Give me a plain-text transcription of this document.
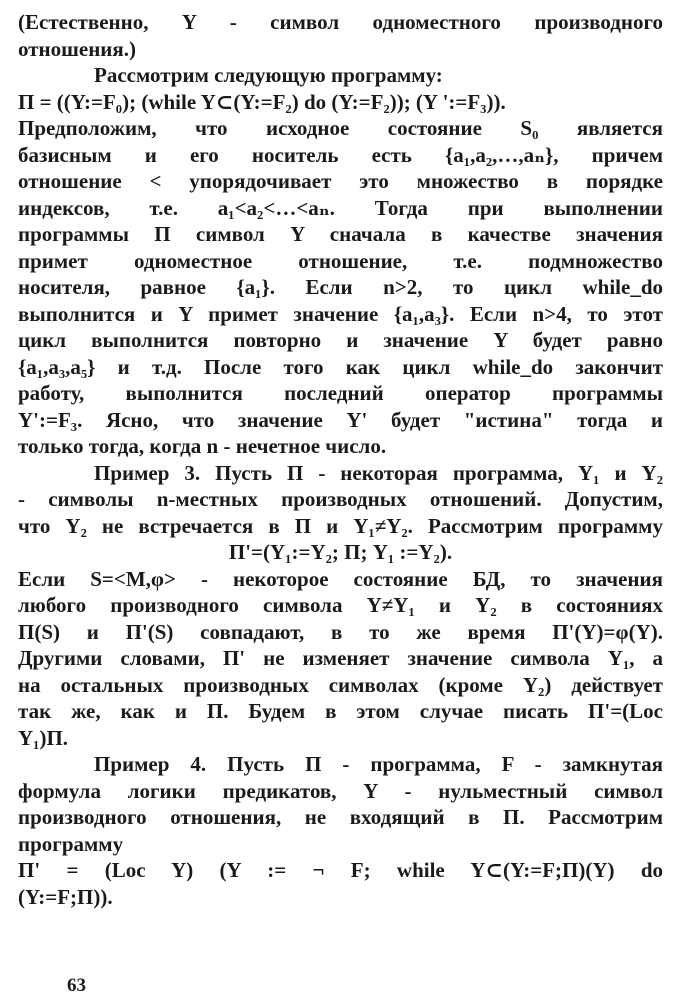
(Естественно, Y - символ одноместного производного
отношения.)
Рассмотрим следующую программу:
П = ((Y:=F₀); (while Y⊂(Y:=F₂) do (Y:=F₂)); (Y ':=F₃)).
Предположим, что исходное состояние S₀ является
базисным и его носитель есть {a₁,a₂,…,aₙ}, причем
отношение < упорядочивает это множество в порядке
индексов, т.е. a₁<a₂<…<aₙ. Тогда при выполнении
программы П символ Y сначала в качестве значения
примет одноместное отношение, т.е. подмножество
носителя, равное {a₁}. Если n>2, то цикл while_do
выполнится и Y примет значение {a₁,a₃}. Если n>4, то этот
цикл выполнится повторно и значение Y будет равно
{a₁,a₃,a₅} и т.д. После того как цикл while_do закончит
работу, выполнится последний оператор программы
Y':=F₃. Ясно, что значение Y' будет "истина" тогда и
только тогда, когда n - нечетное число.
Пример 3. Пусть П - некоторая программа, Y₁ и Y₂
- символы n-местных производных отношений. Допустим,
что Y₂ не встречается в П и Y₁≠Y₂. Рассмотрим программу
П'=(Y₁:=Y₂; П; Y₁ :=Y₂).
Если S=<M,φ> - некоторое состояние БД, то значения
любого производного символа Y≠Y₁ и Y₂ в состояниях
П(S) и П'(S) совпадают, в то же время П'(Y)=φ(Y).
Другими словами, П' не изменяет значение символа Y₁, а
на остальных производных символах (кроме Y₂) действует
так же, как и П. Будем в этом случае писать П'=(Loc
Y₁)П.
Пример 4. Пусть П - программа, F - замкнутая
формула логики предикатов, Y - нульместный символ
производного отношения, не входящий в П. Рассмотрим
программу
П' = (Loc Y) (Y := ¬ F; while Y⊂(Y:=F;П)(Y) do
(Y:=F;П)).
63
